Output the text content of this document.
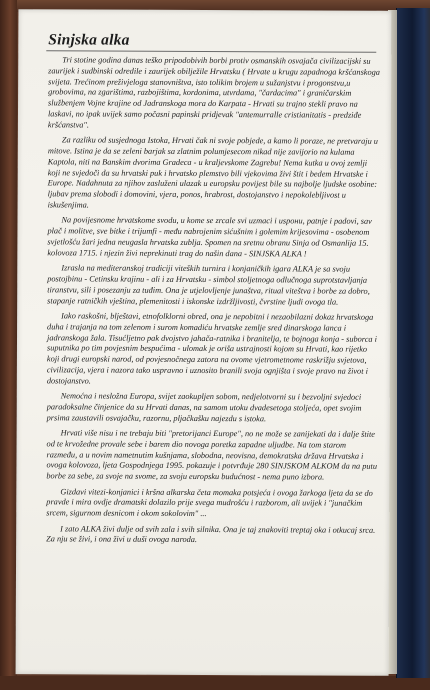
Sinjska alka

Tri stotine godina danas teško pripodobivih borbi protiv osmanskih osvajača civilizacijski su zaurijek i sudbinski odredile i zaurijek obilježile Hrvatsku ( Hrvate u krugu zapadnoga kršćanskoga svijeta. Trećinom preživjeloga stanovništva, isto tolikim brojem u sužanjstvu i progonstvu,u grobovima, na zgarištima, razbojištima, kordonima, utvrdama, "čardacima" i graničarskim službenjem Vojne krajine od Jadranskoga mora do Karpata - Hrvati su trajno stekli pravo na laskavi, no ipak uvijek samo počasni papinski pridjevak "antemurralle cristianitatis - predziđe kršćanstva".

Za razliku od susjednoga Istoka, Hrvati čak ni svoje pobjede, a kamo li poraze, ne pretvaraju u mitove. Istina je da se zeleni barjak sa zlatnim polumjesecom nikad nije zavijorio na kulama Kaptola, niti na Banskim dvorima Gradeca - u kraljevskome Zagrebu! Nema kutka u ovoj zemlji koji ne svjedoči da su hrvatski puk i hrvatsko plemstvo bili vjekovima živi štit i bedem Hrvatske i Europe. Nadahnuta za njihov zasluženi ulazak u europsku povijest bile su najbolje ljudske osobine: ljubav prema slobodi i domovini, vjera, ponos, hrabrost, dostojanstvo i nepokolebljivost u iskušenjima.

Na povijesnome hrvatskome svodu, u kome se zrcale svi uzmaci i uspони, patnje i padovi, sav plač i molitve, sve bitke i trijumfi - među nabrojenim sićušnim i golemim krijesovima - osobenom svjetlošću žari jedna neugasla hrvatska zublja. Spomen na sretnu obranu Sinja od Osmanlija 15. kolovoza 1715. i njezin živi neprekinuti trag do našin dana - SINJSKA ALKA !

Izrasla na mediteranskoj tradiciji viteških turnira i konjaničkih igara ALKA je sa svoju postojbinu - Cetinsku krajinu - ali i za Hrvatsku - simbol stoljetnoga odlučnoga suprotstavljanja tiranstvu, sili i posezanju za tuđim. Ona je utjelovljenje junaštva, ritual viteštva i borbe za dobro, stapanje ratničkih vještina, plemenitosti i iskonske izdržljivosti, čvrstine ljudi ovoga tla.

Iako raskošni, blještavi, etnofolklorni obred, ona je nepobitni i nezaobilazni dokaz hrvatskoga duha i trajanja na tom zelenom i surom komadiću hrvatske zemlje sred dinarskoga lanca i jadranskoga žala. Tisućljetno pak dvojstvo jahača-ratnika i branitelja, te bojnoga konja - suborca i suputnika po tim povjesnim bespućima - ulomak je oriša ustrajnosti kojom su Hrvati, kao rijetko koji drugi europski narod, od povjesnočnega zatora na ovome vjetrometnome raskrižju svjetova, civilizacija, vjera i nazora tako uspravno i uznosito branili svoja ognjišta i svoje pravo na život i dostojanstvo.

Nemoćna i nesložna Europa, svijet zaokupljen sobom, nedjelotvorni su i bezvoljni svjedoci paradoksalne činjenice da su Hrvati danas, na samom utoku dvadesetoga stoljeća, opet svojim prsima zaustavili osvajačku, razornu, pljačkašku najezdu s istoka.

Hrvati više nisu i ne trebaju biti "pretorijanci Europe", no ne može se zanijekati da i dalje štite od te krvožedne provale sebe i barem dio novoga poretka zapadne uljudbe. Na tom starom razmeđu, a u novim nametnutim kušnjama, slobodna, neovisna, demokratska država Hrvatska i ovoga kolovoza, ljeta Gospodnjega 1995. pokazuje i potvrđuje 280 SINJSKOM ALKOM da na putu borbe za sebe, za svoje na svome, za svoju europsku budućnost - nema puno izbora.

Gizdavi vitezi-konjanici i kršna alkarska četa momaka potsjeća i ovoga žarkoga ljeta da se do pravde i mira ovdje dramatski dolazilo prije svega mudrošću i razborom, ali uvijek i "junačkim srcem, sigurnom desnicom i okom sokolovim" ...

I zato ALKA živi dulje od svih zala i svih silnika. Ona je taj znakoviti treptaj oka i otkucaj srca. Za nju se živi, i ona živi u duši ovoga naroda.
